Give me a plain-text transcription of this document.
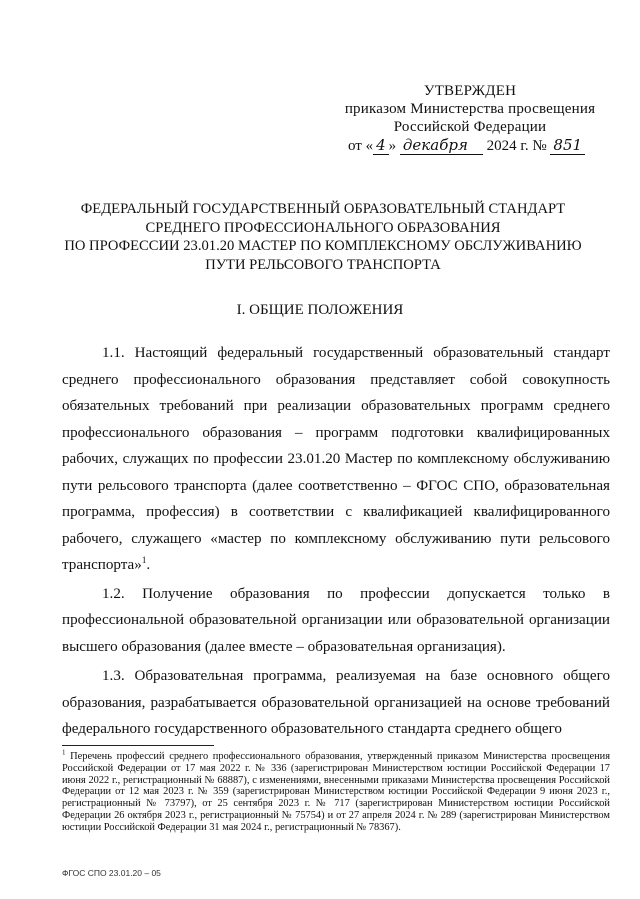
УТВЕРЖДЕН
приказом Министерства просвещения
Российской Федерации
от « 4 » декабря 2024 г. № 851
ФЕДЕРАЛЬНЫЙ ГОСУДАРСТВЕННЫЙ ОБРАЗОВАТЕЛЬНЫЙ СТАНДАРТ
СРЕДНЕГО ПРОФЕССИОНАЛЬНОГО ОБРАЗОВАНИЯ
ПО ПРОФЕССИИ 23.01.20 МАСТЕР ПО КОМПЛЕКСНОМУ ОБСЛУЖИВАНИЮ
ПУТИ РЕЛЬСОВОГО ТРАНСПОРТА
I. ОБЩИЕ ПОЛОЖЕНИЯ

1.1. Настоящий федеральный государственный образовательный стандарт среднего профессионального образования представляет собой совокупность обязательных требований при реализации образовательных программ среднего профессионального образования – программ подготовки квалифицированных рабочих, служащих по профессии 23.01.20 Мастер по комплексному обслуживанию пути рельсового транспорта (далее соответственно – ФГОС СПО, образовательная программа, профессия) в соответствии с квалификацией квалифицированного рабочего, служащего «мастер по комплексному обслуживанию пути рельсового транспорта»$^1$.

1.2. Получение образования по профессии допускается только в профессиональной образовательной организации или образовательной организации высшего образования (далее вместе – образовательная организация).

1.3. Образовательная программа, реализуемая на базе основного общего образования, разрабатывается образовательной организацией на основе требований федерального государственного образовательного стандарта среднего общего

$^1$ Перечень профессий среднего профессионального образования, утвержденный приказом Министерства просвещения Российской Федерации от 17 мая 2022 г. № 336 (зарегистрирован Министерством юстиции Российской Федерации 17 июня 2022 г., регистрационный № 68887), с изменениями, внесенными приказами Министерства просвещения Российской Федерации от 12 мая 2023 г. № 359 (зарегистрирован Министерством юстиции Российской Федерации 9 июня 2023 г., регистрационный № 73797), от 25 сентября 2023 г. № 717 (зарегистрирован Министерством юстиции Российской Федерации 26 октября 2023 г., регистрационный № 75754) и от 27 апреля 2024 г. № 289 (зарегистрирован Министерством юстиции Российской Федерации 31 мая 2024 г., регистрационный № 78367).
ФГОС СПО 23.01.20 – 05
